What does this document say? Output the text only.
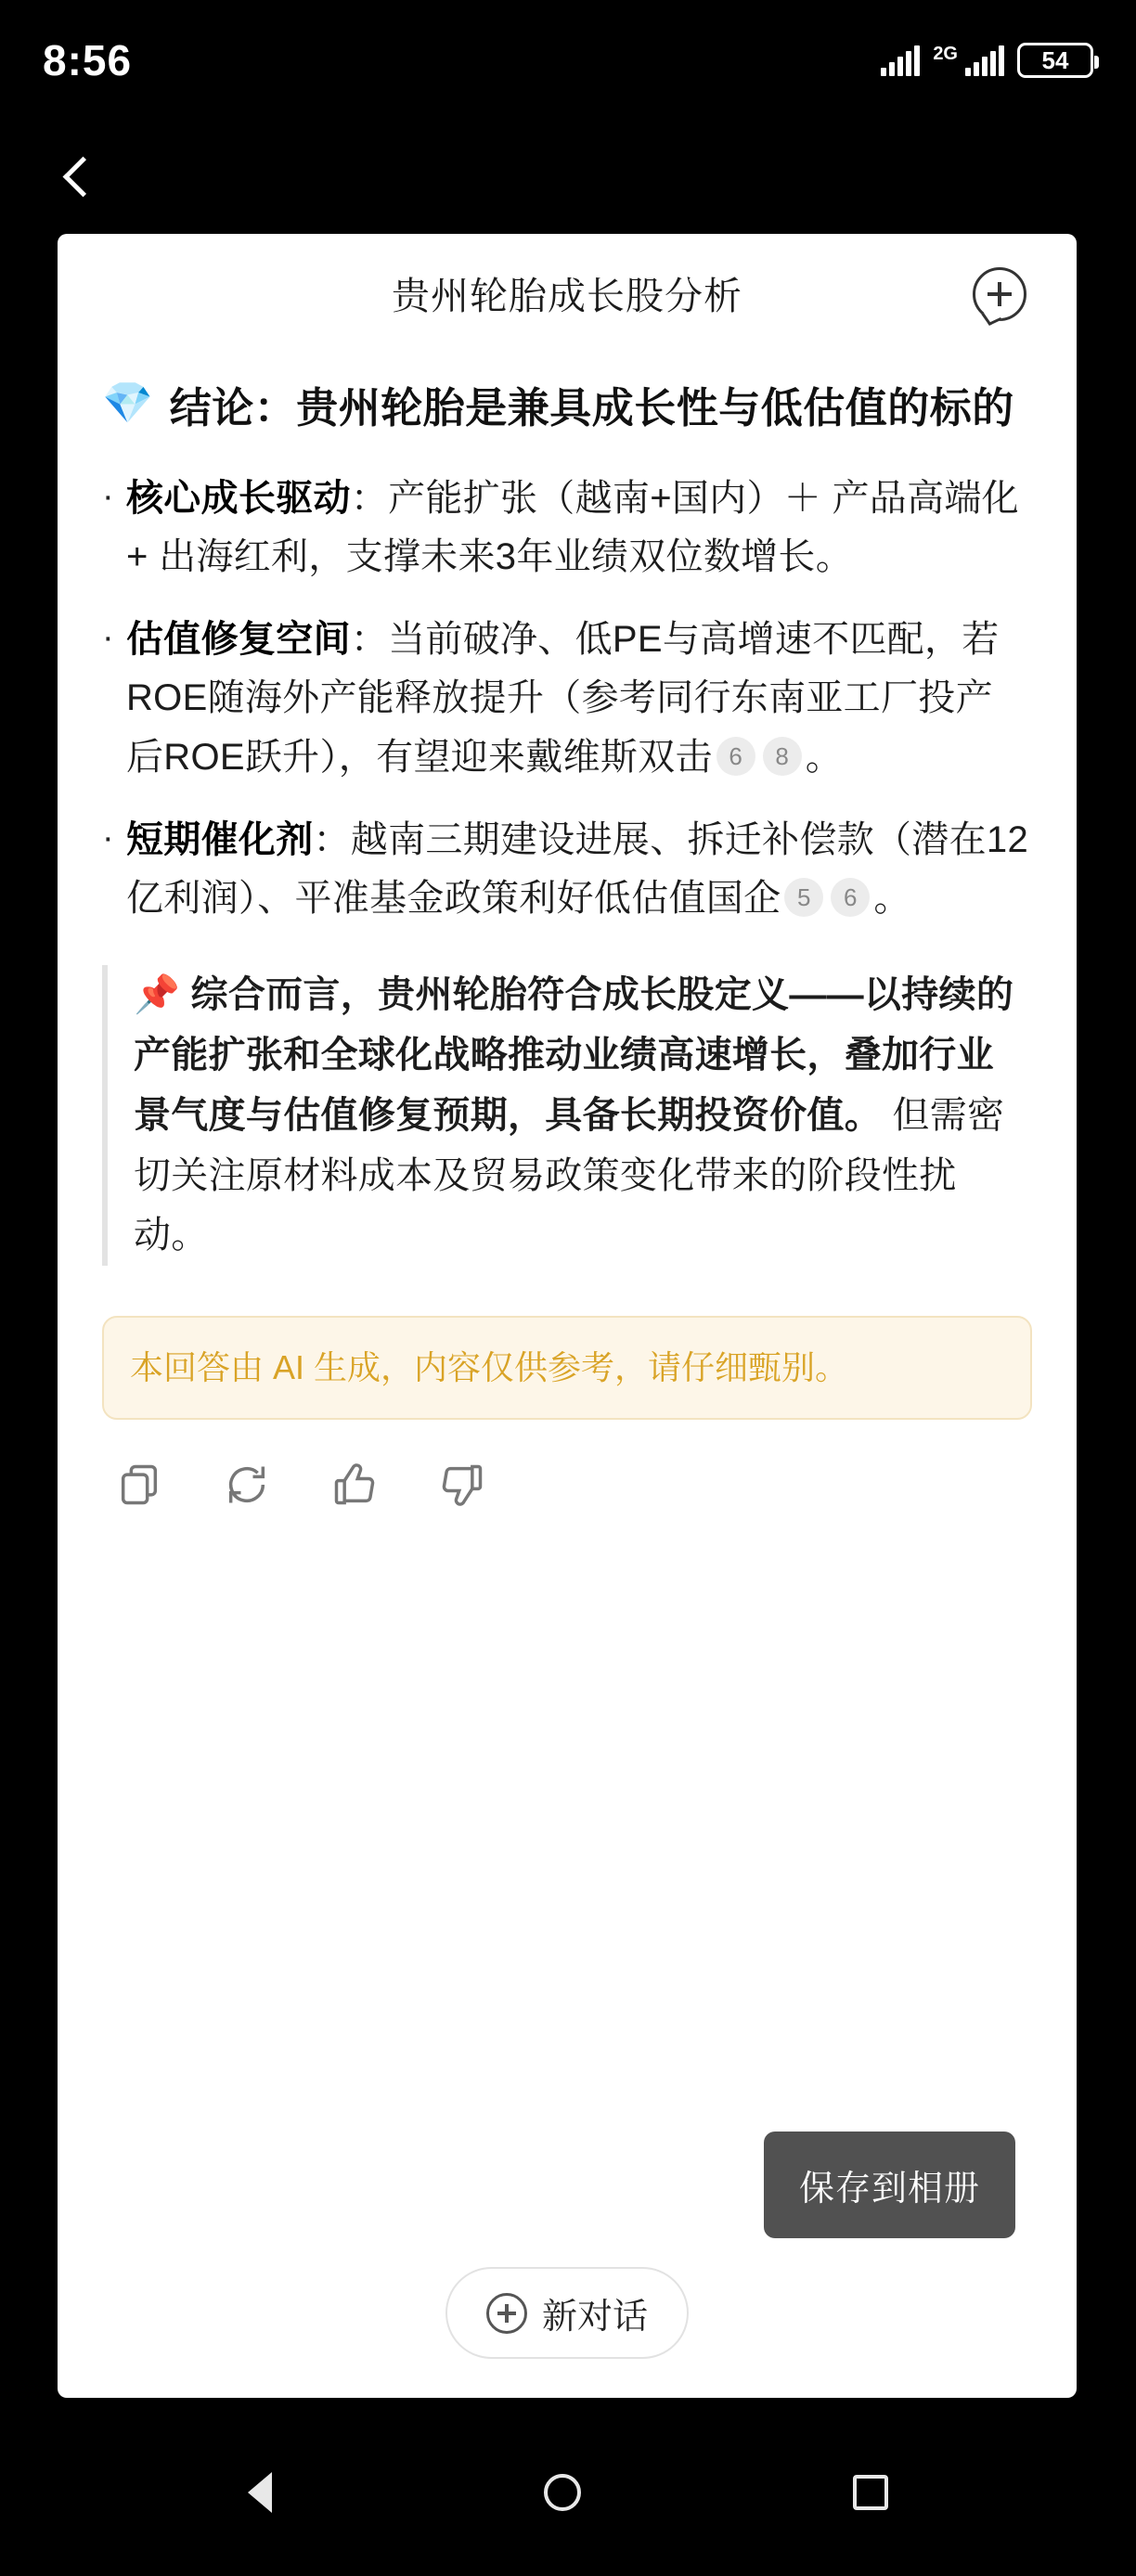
8:56	2G	54
贵州轮胎成长股分析
💎 结论：贵州轮胎是兼具成长性与低估值的标的
· 核心成长驱动：产能扩张（越南+国内）＋ 产品高端化 + 出海红利，支撑未来3年业绩双位数增长。
· 估值修复空间：当前破净、低PE与高增速不匹配，若ROE随海外产能释放提升（参考同行东南亚工厂投产后ROE跃升），有望迎来戴维斯双击 6 8 。
· 短期催化剂：越南三期建设进展、拆迁补偿款（潜在12亿利润）、平准基金政策利好低估值国企 5 6 。

📌 综合而言，贵州轮胎符合成长股定义——以持续的产能扩张和全球化战略推动业绩高速增长，叠加行业景气度与估值修复预期，具备长期投资价值。 但需密切关注原材料成本及贸易政策变化带来的阶段性扰动。

本回答由 AI 生成，内容仅供参考，请仔细甄别。
保存到相册
新对话
